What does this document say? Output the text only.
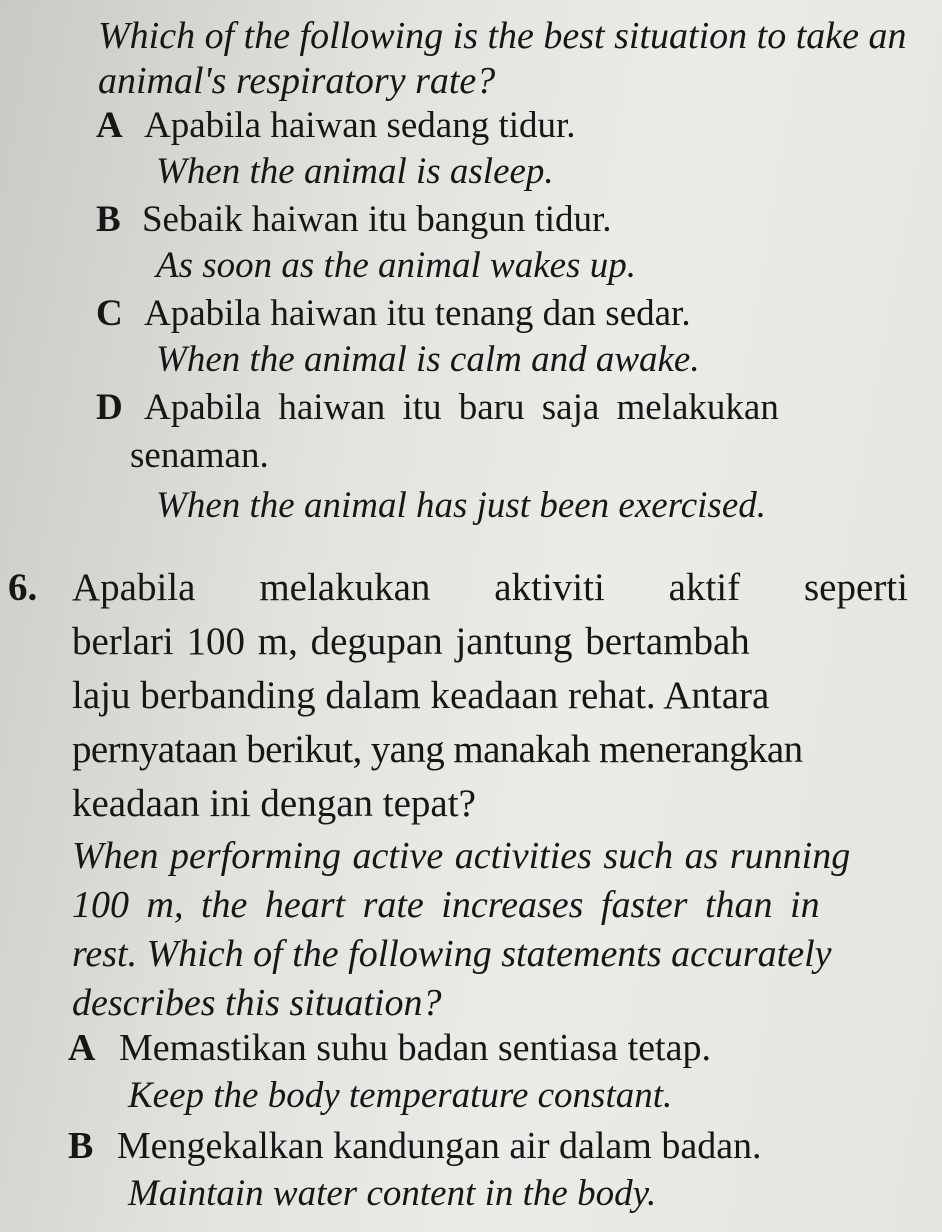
Which of the following is the best situation to take an
animal's respiratory rate?
A Apabila haiwan sedang tidur.
When the animal is asleep.
B Sebaik haiwan itu bangun tidur.
As soon as the animal wakes up.
C Apabila haiwan itu tenang dan sedar.
When the animal is calm and awake.
D Apabila haiwan itu baru saja melakukan
senaman.
When the animal has just been exercised.
6. Apabila melakukan aktiviti aktif seperti
berlari 100 m, degupan jantung bertambah
laju berbanding dalam keadaan rehat. Antara
pernyataan berikut, yang manakah menerangkan
keadaan ini dengan tepat?
When performing active activities such as running
100 m, the heart rate increases faster than in
rest. Which of the following statements accurately
describes this situation?
A Memastikan suhu badan sentiasa tetap.
Keep the body temperature constant.
B Mengekalkan kandungan air dalam badan.
Maintain water content in the body.
